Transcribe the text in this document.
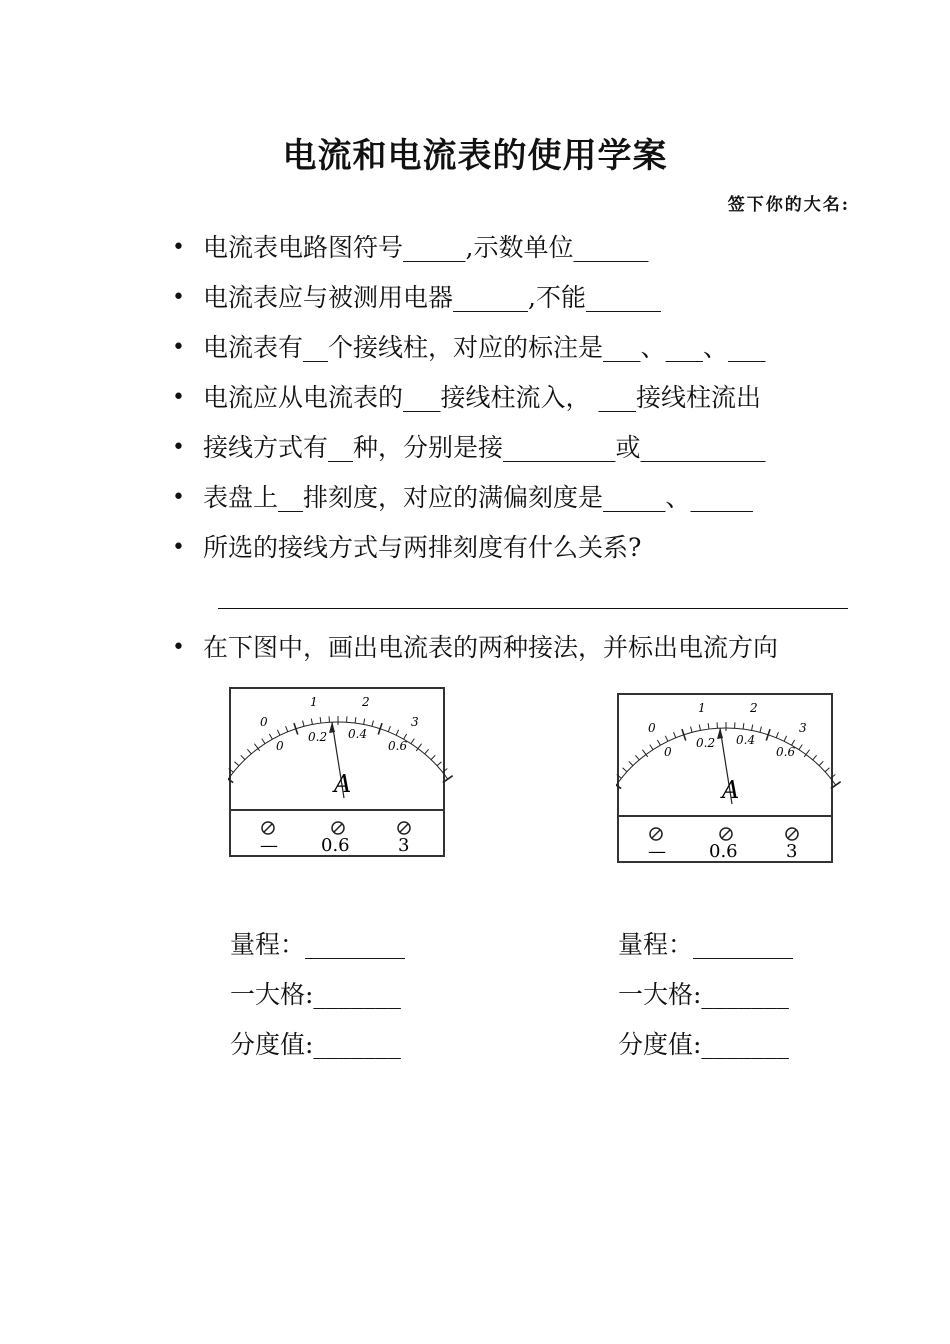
电流和电流表的使用学案
签下你的大名:
• 电流表电路图符号_____,示数单位______
• 电流表应与被测用电器______,不能______
• 电流表有__个接线柱，对应的标注是___、___、___
• 电流应从电流表的___接线柱流入， ___接线柱流出
• 接线方式有__种，分别是接_________或__________
• 表盘上__排刻度，对应的满偏刻度是_____、_____
• 所选的接线方式与两排刻度有什么关系?
• 在下图中，画出电流表的两种接法，并标出电流方向
0
1	2
3
0
0.2 0.4
0.6
A
— 0.6	3
0
1	2
3
0
0.2 0.4
0.6
A
— 0.6	3
量程：________
一大格:_______
分度值:_______
量程：________
一大格:_______
分度值:_______
